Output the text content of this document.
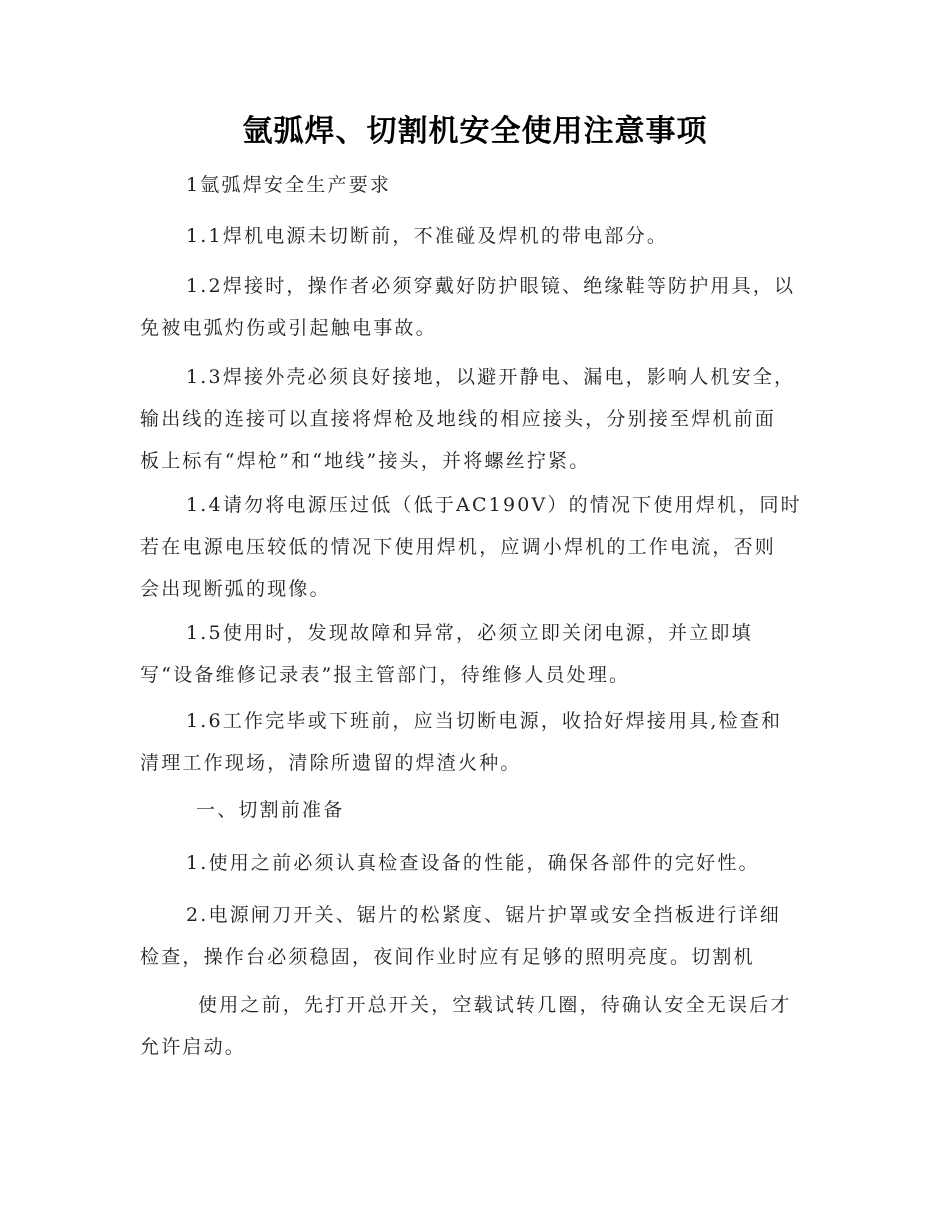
氩弧焊、切割机安全使用注意事项

1氩弧焊安全生产要求

1.1焊机电源未切断前，不准碰及焊机的带电部分。

1.2焊接时，操作者必须穿戴好防护眼镜、绝缘鞋等防护用具，以
免被电弧灼伤或引起触电事故。

1.3焊接外壳必须良好接地，以避开静电、漏电，影响人机安全，
输出线的连接可以直接将焊枪及地线的相应接头，分别接至焊机前面
板上标有“焊枪”和“地线”接头，并将螺丝拧紧。

1.4请勿将电源压过低（低于AC190V）的情况下使用焊机，同时
若在电源电压较低的情况下使用焊机，应调小焊机的工作电流，否则
会出现断弧的现像。

1.5使用时，发现故障和异常，必须立即关闭电源，并立即填
写“设备维修记录表”报主管部门，待维修人员处理。

1.6工作完毕或下班前，应当切断电源，收拾好焊接用具,检查和
清理工作现场，清除所遗留的焊渣火种。

一、切割前准备

1.使用之前必须认真检查设备的性能，确保各部件的完好性。

2.电源闸刀开关、锯片的松紧度、锯片护罩或安全挡板进行详细
检查，操作台必须稳固，夜间作业时应有足够的照明亮度。切割机

使用之前，先打开总开关，空载试转几圈，待确认安全无误后才
允许启动。
